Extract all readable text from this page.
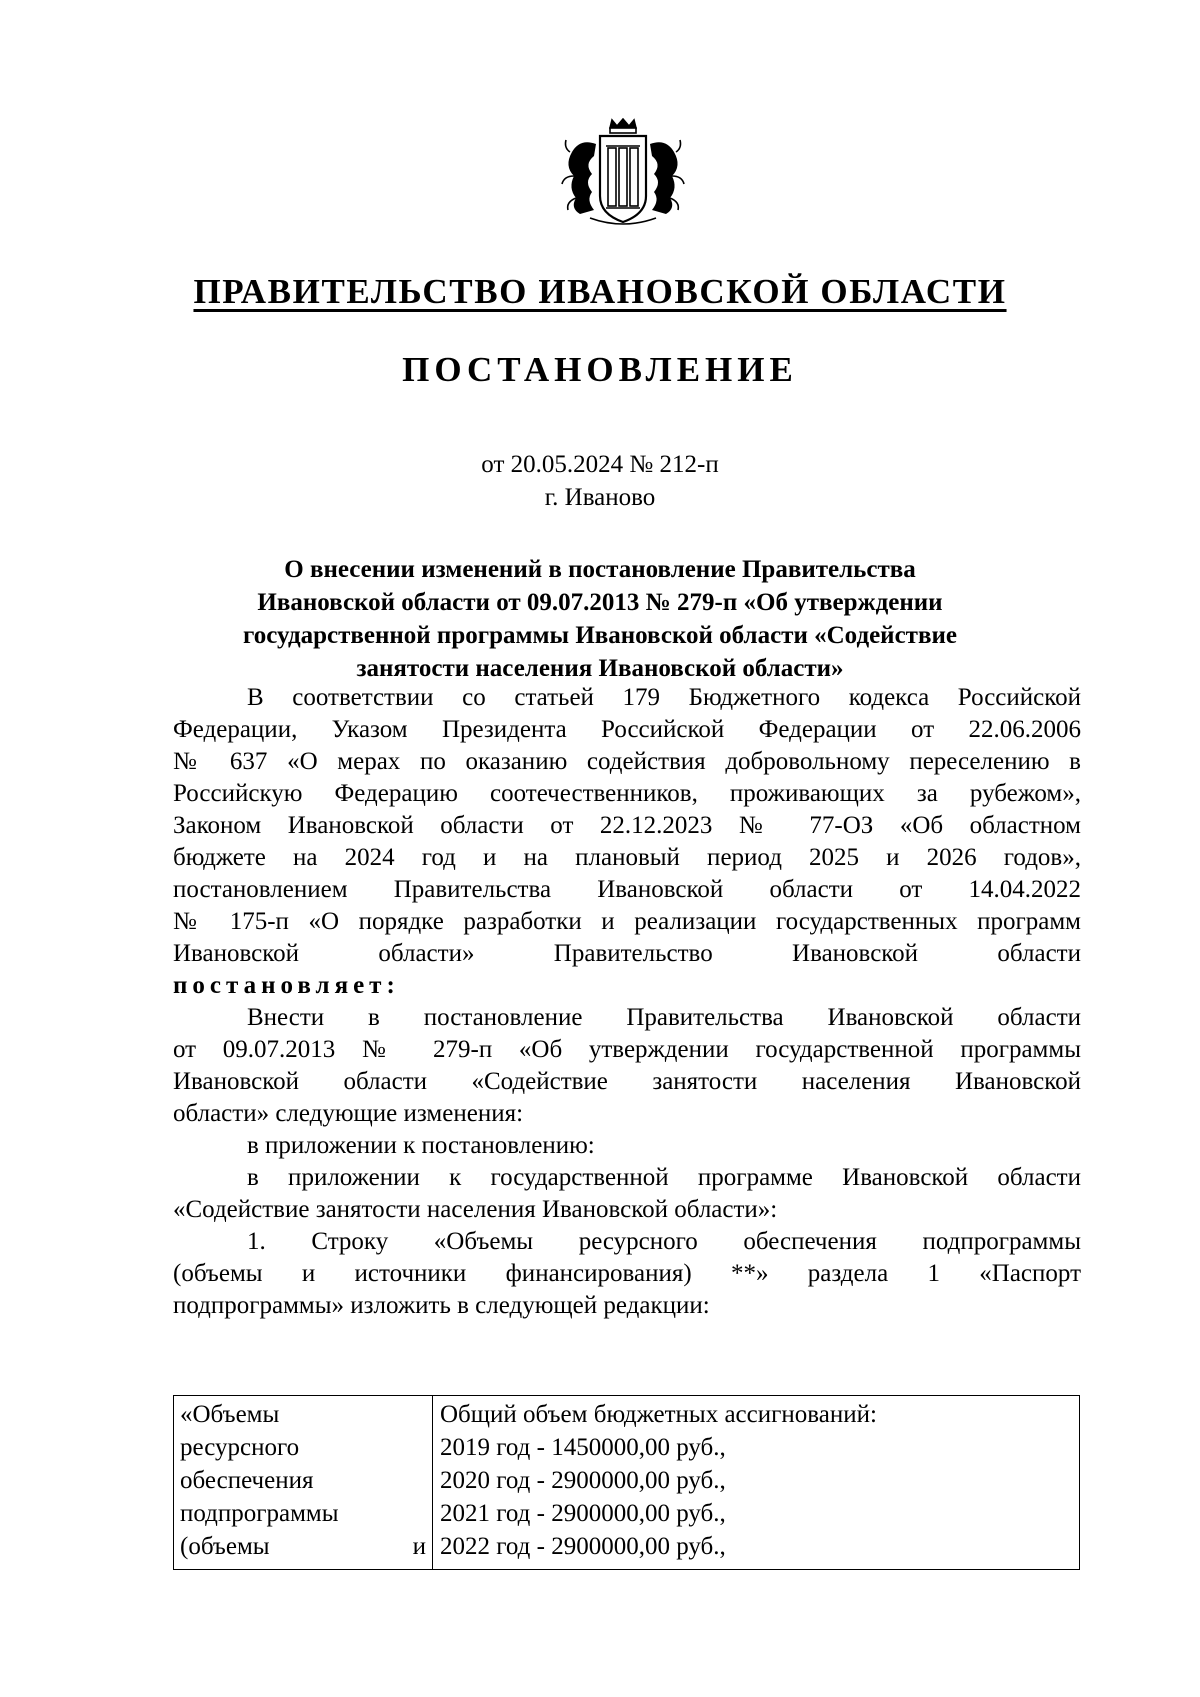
ПРАВИТЕЛЬСТВО ИВАНОВСКОЙ ОБЛАСТИ
ПОСТАНОВЛЕНИЕ
от 20.05.2024 № 212-п
г. Иваново
О внесении изменений в постановление Правительства
Ивановской области от 09.07.2013 № 279-п «Об утверждении
государственной программы Ивановской области «Содействие
занятости населения Ивановской области»
В соответствии со статьей 179 Бюджетного кодекса Российской
Федерации, Указом Президента Российской Федерации от 22.06.2006
№ 637 «О мерах по оказанию содействия добровольному переселению в
Российскую Федерацию соотечественников, проживающих за рубежом»,
Законом Ивановской области от 22.12.2023 № 77-ОЗ «Об областном
бюджете на 2024 год и на плановый период 2025 и 2026 годов»,
постановлением Правительства Ивановской области от 14.04.2022
№ 175-п «О порядке разработки и реализации государственных программ
Ивановской области» Правительство Ивановской области
постановляет:
Внести в постановление Правительства Ивановской области
от 09.07.2013 № 279-п «Об утверждении государственной программы
Ивановской области «Содействие занятости населения Ивановской
области» следующие изменения:
в приложении к постановлению:
в приложении к государственной программе Ивановской области
«Содействие занятости населения Ивановской области»:
1. Строку «Объемы ресурсного обеспечения подпрограммы
(объемы и источники финансирования) **» раздела 1 «Паспорт
подпрограммы» изложить в следующей редакции:
«Объемы
ресурсного
обеспечения
подпрограммы
(объемы и
Общий объем бюджетных ассигнований:
2019 год - 1450000,00 руб.,
2020 год - 2900000,00 руб.,
2021 год - 2900000,00 руб.,
2022 год - 2900000,00 руб.,
